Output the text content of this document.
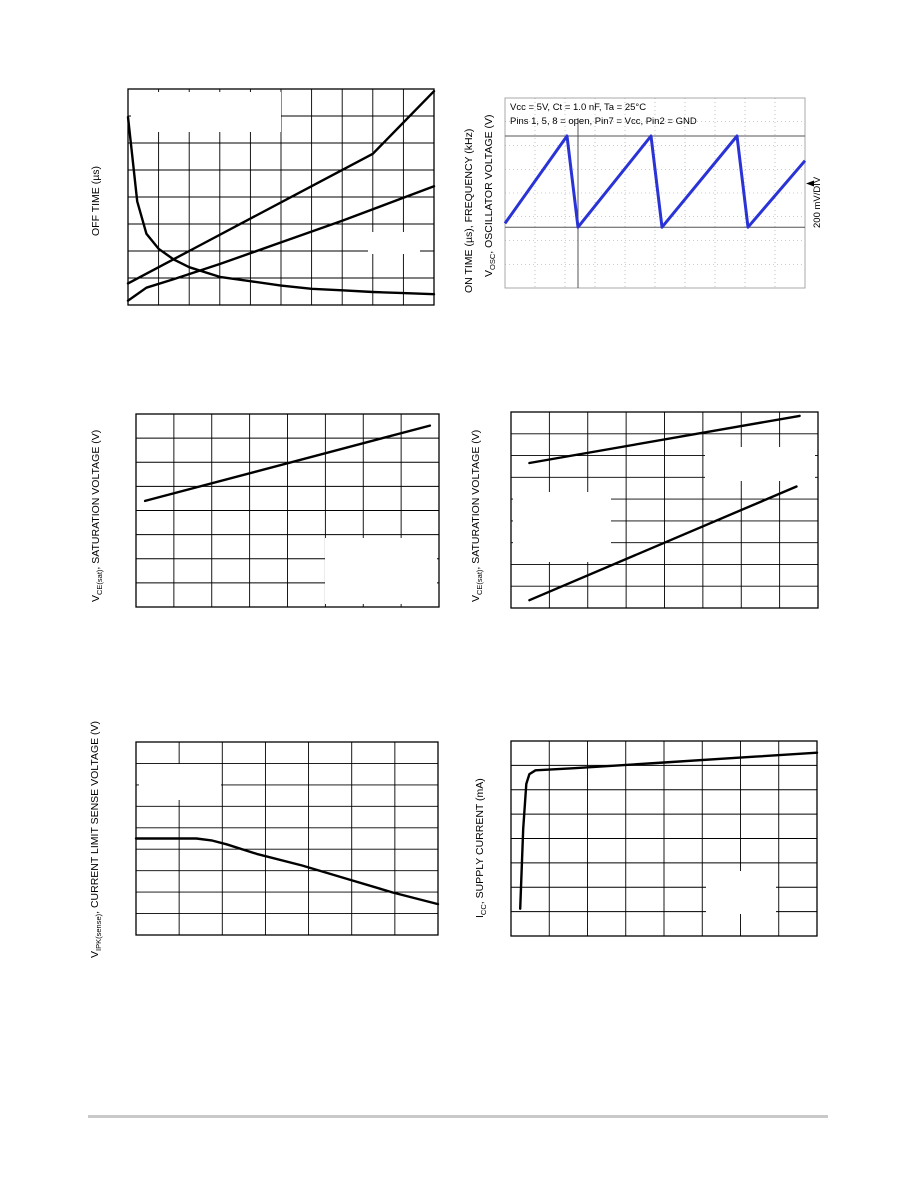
Vcc = 5V, Ct = 1.0 nF, Ta = 25°C
Pins 1, 5, 8 = open, Pin7 = Vcc, Pin2 = GND
OFF TIME (µs)	ON TIME (µs), FREQUENCY (kHz) $V_{OSC}$, OSCILLATOR VOLTAGE (V)	200 mV/DIV
$V_{CE(sat)}$, SATURATION VOLTAGE (V)
$V_{CE(sat)}$, SATURATION VOLTAGE (V)
$V_{IPK(sense)}$, CURRENT LIMIT SENSE VOLTAGE (V)
$I_{CC}$, SUPPLY CURRENT (mA)
